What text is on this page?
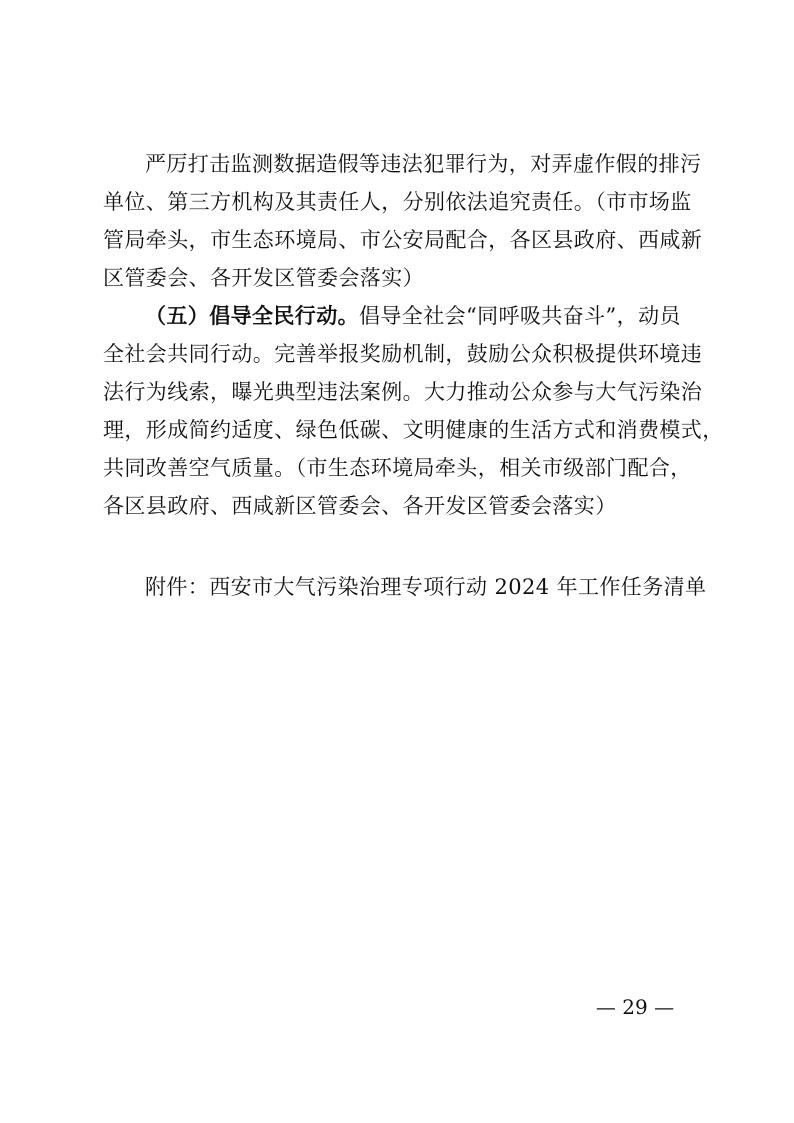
严厉打击监测数据造假等违法犯罪行为，对弄虚作假的排污
单位、第三方机构及其责任人，分别依法追究责任。（市市场监
管局牵头，市生态环境局、市公安局配合，各区县政府、西咸新
区管委会、各开发区管委会落实）
（五）倡导全民行动。倡导全社会“同呼吸共奋斗”，动员
全社会共同行动。完善举报奖励机制，鼓励公众积极提供环境违
法行为线索，曝光典型违法案例。大力推动公众参与大气污染治
理，形成简约适度、绿色低碳、文明健康的生活方式和消费模式，
共同改善空气质量。（市生态环境局牵头，相关市级部门配合，
各区县政府、西咸新区管委会、各开发区管委会落实）
附件：西安市大气污染治理专项行动 2024 年工作任务清单
— 29 —
